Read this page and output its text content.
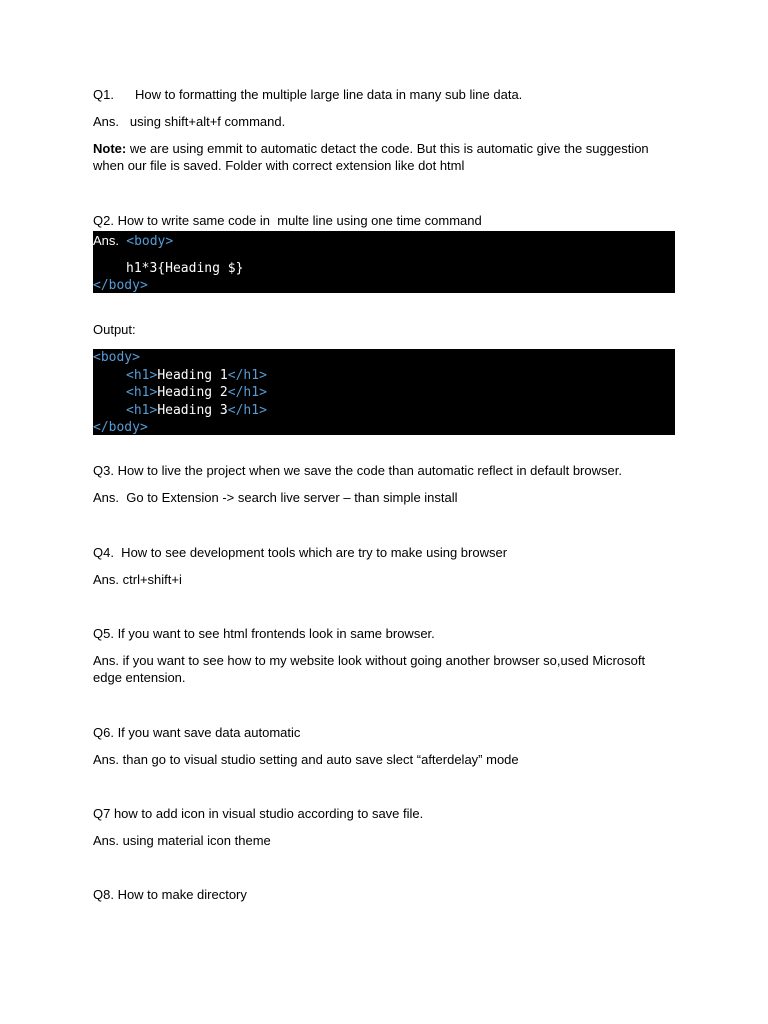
Q1. How to formatting the multiple large line data in many sub line data.

Ans.   using shift+alt+f command.

Note: we are using emmit to automatic detact the code. But this is automatic give the suggestion when our file is saved. Folder with correct extension like dot html

Q2. How to write same code in  multe line using one time command

Ans.  <body>
h1*3{Heading $}
</body>

Output:

<body>
<h1>Heading 1</h1>
<h1>Heading 2</h1>
<h1>Heading 3</h1>
</body>

Q3. How to live the project when we save the code than automatic reflect in default browser.

Ans.  Go to Extension -> search live server – than simple install

Q4.  How to see development tools which are try to make using browser

Ans. ctrl+shift+i

Q5. If you want to see html frontends look in same browser.

Ans. if you want to see how to my website look without going another browser so,used Microsoft edge entension.

Q6. If you want save data automatic

Ans. than go to visual studio setting and auto save slect “afterdelay” mode

Q7 how to add icon in visual studio according to save file.

Ans. using material icon theme

Q8. How to make directory
